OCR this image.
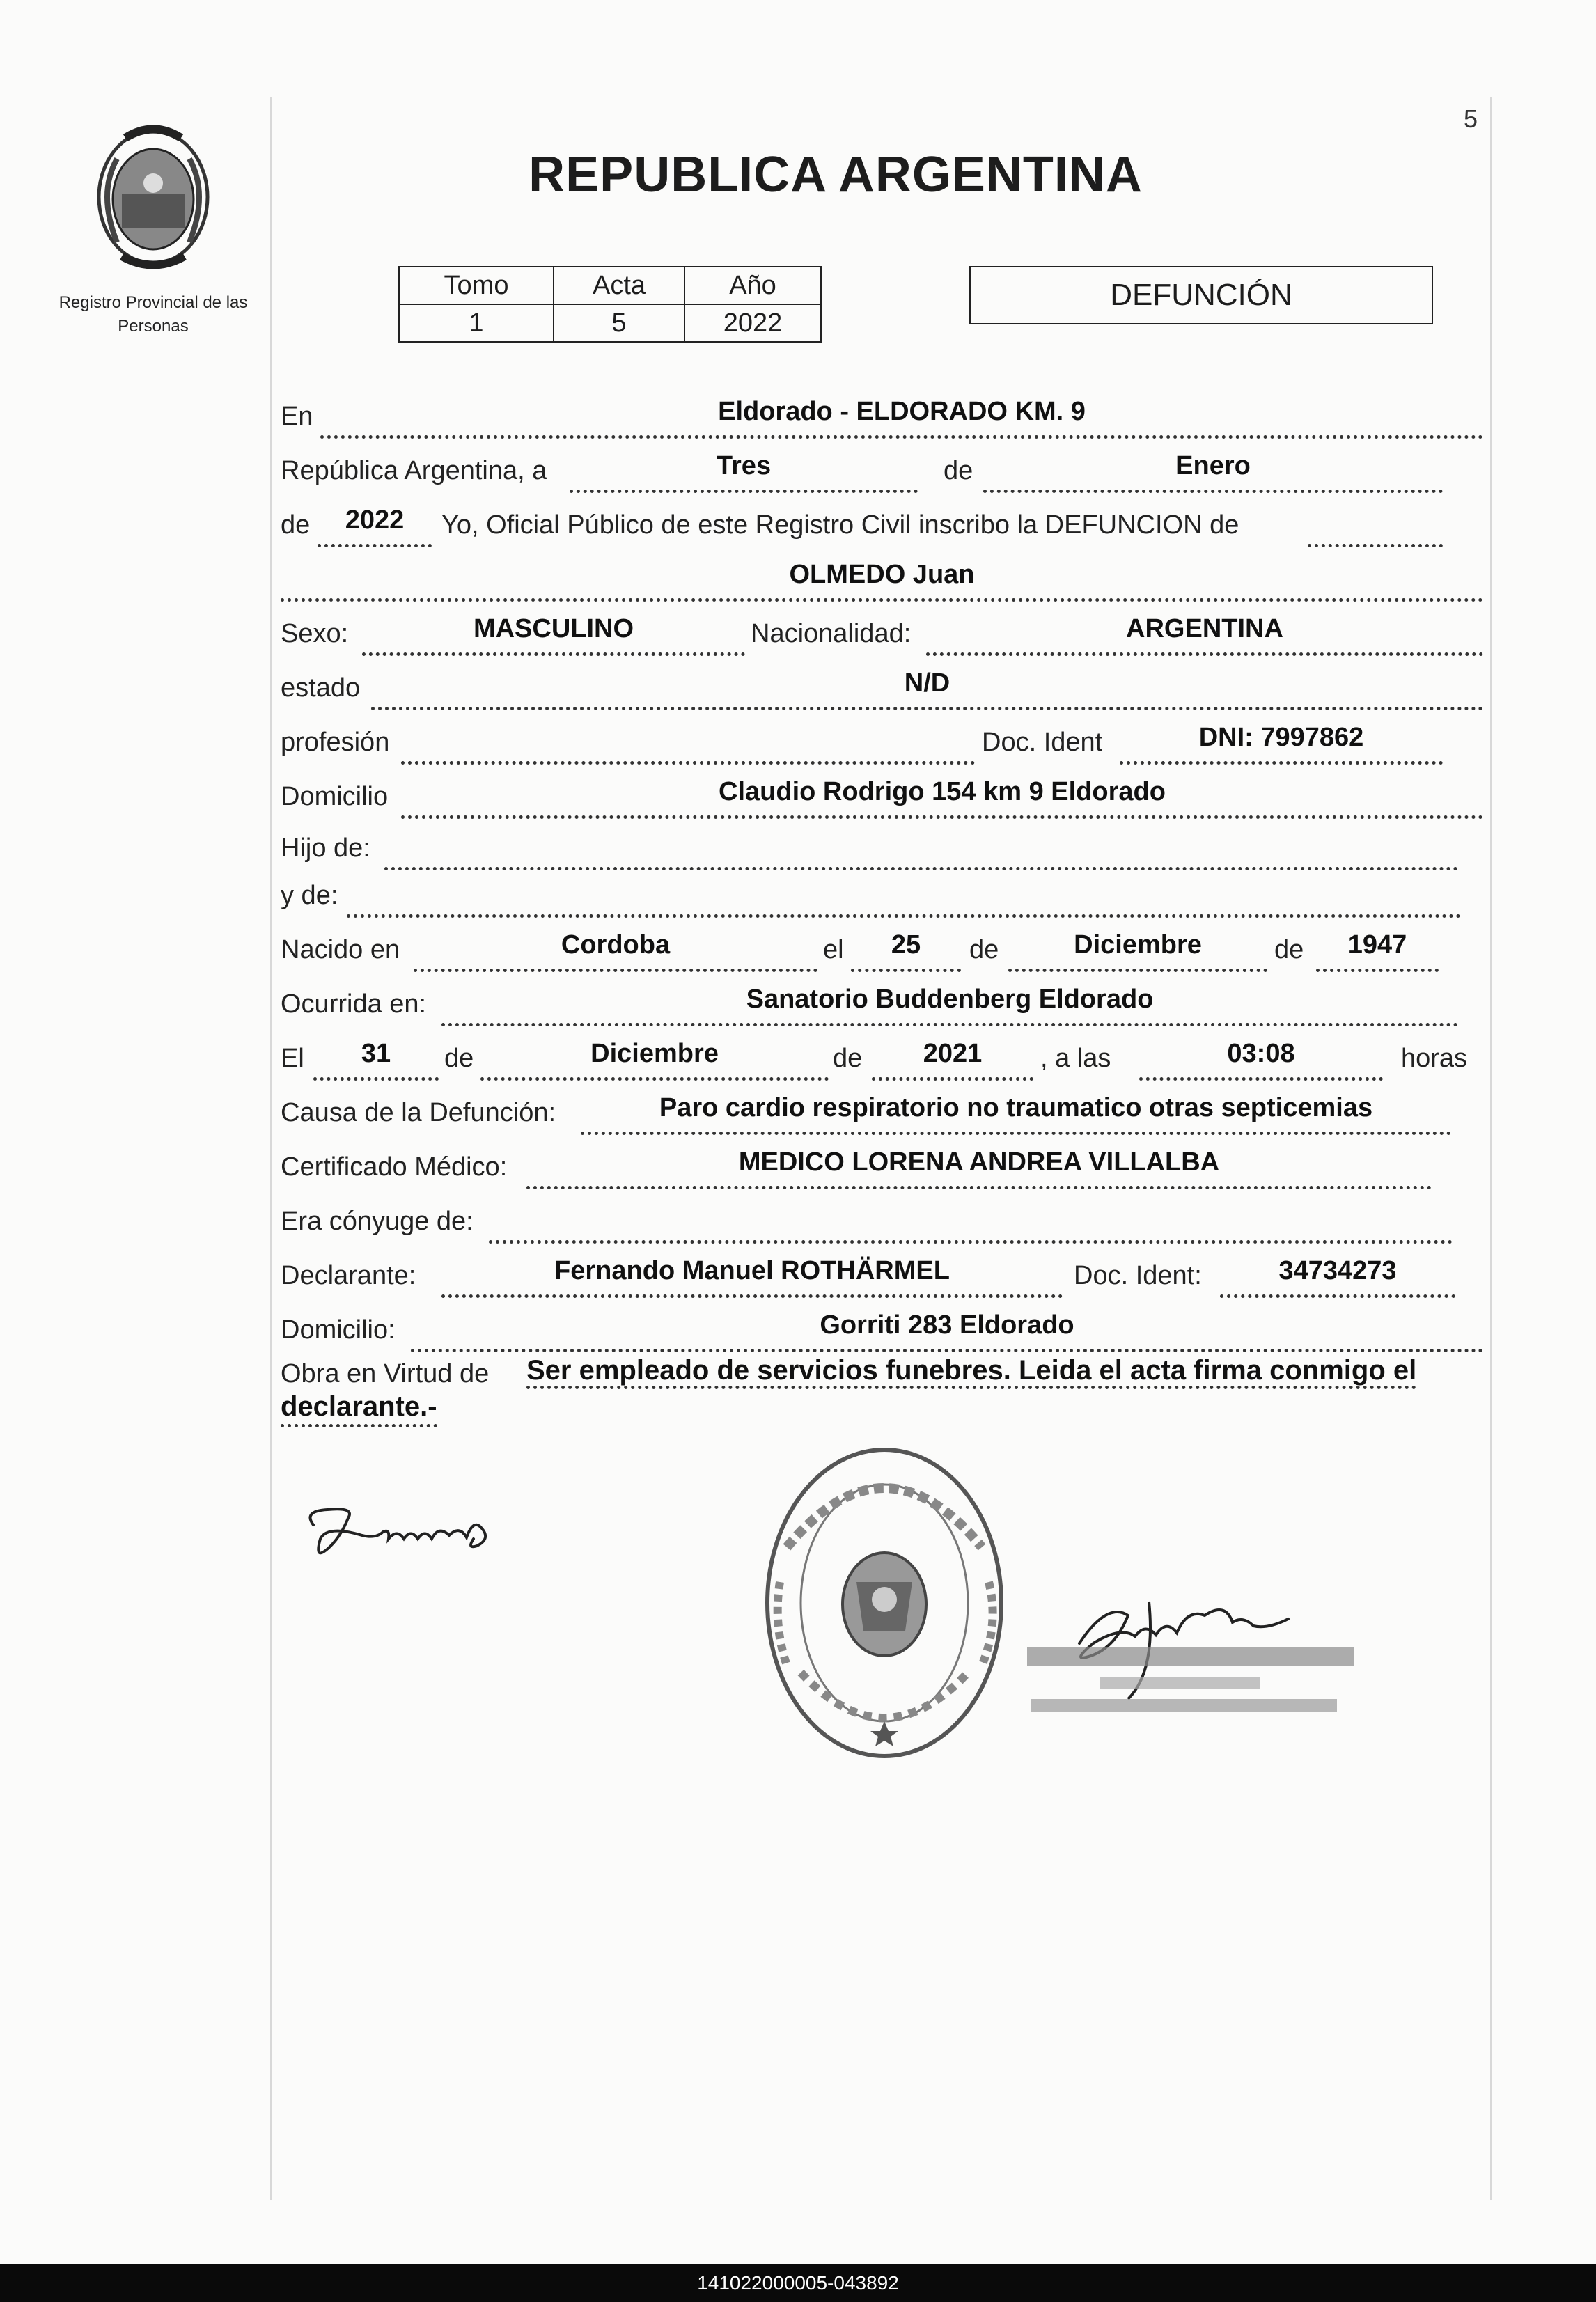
5
Registro Provincial de las Personas
REPUBLICA ARGENTINA
Tomo	Acta	Año
1	5	2022
DEFUNCIÓN
En	Eldorado - ELDORADO KM. 9
República Argentina, a	Tres	de	Enero
de	2022	Yo, Oficial Público de este Registro Civil inscribo la DEFUNCION de
OLMEDO Juan
Sexo:	MASCULINO	Nacionalidad:	ARGENTINA
estado	N/D
profesión	Doc. Ident	DNI: 7997862
Domicilio	Claudio Rodrigo 154 km 9 Eldorado
Hijo de:
y de:
Nacido en	Cordoba	el	25	de	Diciembre	de	1947
Ocurrida en:	Sanatorio Buddenberg Eldorado
El	31	de	Diciembre	de	2021	, a las	03:08	horas
Causa de la Defunción:	Paro cardio respiratorio no traumatico otras septicemias
Certificado Médico:	MEDICO LORENA ANDREA VILLALBA
Era cónyuge de:
Declarante:	Fernando Manuel ROTHÄRMEL	Doc. Ident:	34734273
Domicilio:	Gorriti 283 Eldorado
Obra en Virtud de Ser empleado de servicios funebres. Leida el acta firma conmigo el
declarante.-
141022000005-043892
